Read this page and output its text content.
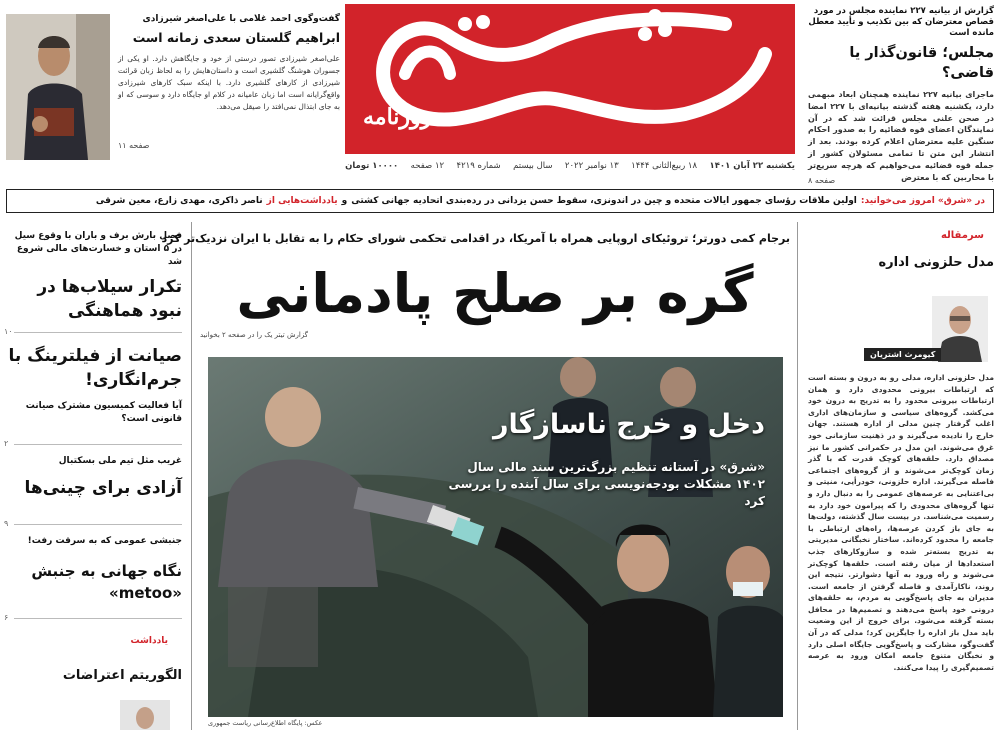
روزنامه
یکشنبه ۲۲ آبان ۱۴۰۱
۱۸ ربیع‌الثانی ۱۴۴۴
۱۳ نوامبر ۲۰۲۲
سال بیستم
شماره ۴۲۱۹
۱۲ صفحه
۱۰۰۰۰ تومان
گزارش از بیانیه ۲۲۷ نماینده مجلس در مورد قصاص معترضان که بین تکذیب و تأیید معطل مانده است
مجلس؛ قانون‌گذار یا قاضی؟
ماجرای بیانیه ۲۲۷ نماینده همچنان ابعاد مبهمی دارد، یکشنبه هفته گذشته بیانیه‌ای با ۲۲۷ امضا در صحن علنی مجلس قرائت شد که در آن نمایندگان اعضای قوه قضائیه را به صدور احکام سنگین علیه معترضان اعلام کرده بودند. بعد از انتشار این متن تا تمامی مسئولان کشور از جمله قوه قضائیه می‌خواهیم که هرچه سریع‌تر با محاربین که با معترض
صفحه ۸
گفت‌وگوی احمد غلامی با علی‌اصغر شیرزادی
ابراهیم گلستان سعدی زمانه است
علی‌اصغر شیرزادی تصور درستی از خود و جایگاهش دارد. او یکی از جسوران هوشنگ گلشیری است و داستان‌هایش را به لحاظ زبان قرائت شیرزادی از کارهای گلشیری دارد. با اینکه سبک کارهای شیرزادی واقع‌گرایانه است اما زبان عامیانه در کلام او جایگاه دارد و سوسی که او به جای ابتذال نمی‌افتد را صیقل می‌دهد.
صفحه ۱۱
در «شرق» امروز می‌خوانید:
اولین ملاقات رؤسای جمهور ایالات متحده و چین در اندونزی، سقوط حسن یزدانی در رده‌بندی اتحادیه جهانی کشتی
و
یادداشت‌هایی از
ناصر ذاکری، مهدی زارع، معین شرقی
سرمقاله
مدل حلزونی اداره
کیومرث اشتریان
مدل حلزونی اداره، مدلی رو به درون و بسته است که ارتباطات بیرونی محدودی دارد و همان ارتباطات بیرونی محدود را به تدریج به درون خود می‌کشد. گروه‌های سیاسی و سازمان‌های اداری اغلب گرفتار چنین مدلی از اداره هستند. جهان خارج را نادیده می‌گیرند و در ذهنیت سازمانی خود غرق می‌شوند. این مدل در حکمرانی کشور ما نیز مصداق دارد. حلقه‌های کوچک قدرت که با گذر زمان کوچک‌تر می‌شوند و از گروه‌های اجتماعی فاصله می‌گیرند. اداره حلزونی، خودرأیی، منیتی و بی‌اعتنایی به عرصه‌های عمومی را به دنبال دارد و تنها گروه‌های محدودی را که پیرامون خود دارد به رسمیت می‌شناسد. در بیست سال گذشته، دولت‌ها به جای باز کردن عرصه‌ها، راه‌های ارتباطی با جامعه را محدود کرده‌اند. ساختار نخبگانی مدیریتی به تدریج بسته‌تر شده و سازوکارهای جذب استعدادها از میان رفته است. حلقه‌ها کوچک‌تر می‌شوند و راه ورود به آنها دشوارتر. نتیجه این روند، ناکارآمدی و فاصله گرفتن از جامعه است. مدیران به جای پاسخ‌گویی به مردم، به حلقه‌های درونی خود پاسخ می‌دهند و تصمیم‌ها در محافل بسته گرفته می‌شود. برای خروج از این وضعیت باید مدل باز اداره را جایگزین کرد؛ مدلی که در آن گفت‌وگو، مشارکت و پاسخ‌گویی جایگاه اصلی دارد و نخبگان متنوع جامعه امکان ورود به عرصه تصمیم‌گیری را پیدا می‌کنند.
برجام کمی دورتر؛ تروئیکای اروپایی همراه با آمریکا، در اقدامی تحکمی شورای حکام را به تقابل با ایران نزدیک‌تر کرد
گره بر صلح پادمانی
گزارش تیتر یک را در صفحه ۲ بخوانید
دخل و خرج ناسازگار
«شرق» در آستانه تنظیم بزرگ‌ترین سند مالی سال ۱۴۰۲ مشکلات بودجه‌نویسی برای سال آینده را بررسی کرد
عکس: پایگاه اطلاع‌رسانی ریاست جمهوری
فصل بارش برف و باران با وقوع سیل در ۵ استان و خسارت‌های مالی شروع شد
تکرار سیلاب‌ها در نبود هماهنگی
۱۰
صیانت از فیلترینگ با جرم‌انگاری!
آیا فعالیت کمیسیون مشترک صیانت قانونی است؟
۲
غریب مثل تیم ملی بسکتبال
آزادی برای چینی‌ها
۹
جنبشی عمومی که به سرقت رفت!
نگاه جهانی به جنبش «metoo»
۶
یادداشت
الگوریتم اعتراضات
